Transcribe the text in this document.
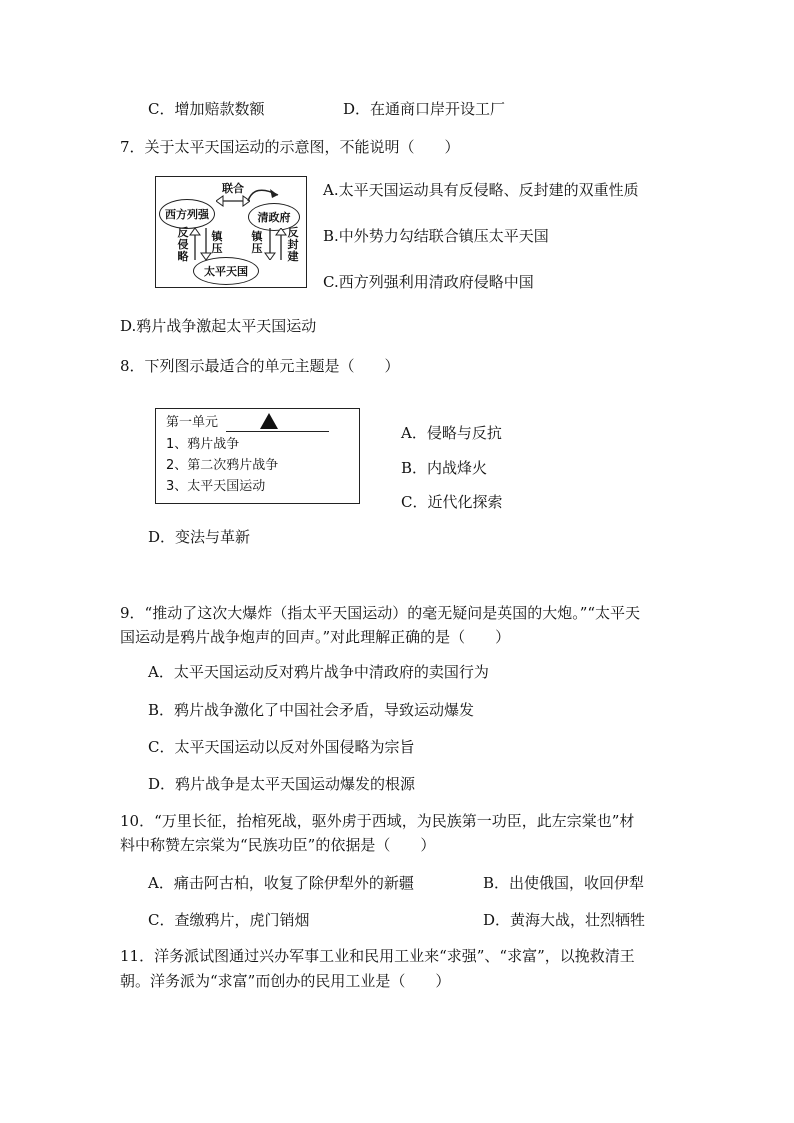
C．增加赔款数额	D．在通商口岸开设工厂
7．关于太平天国运动的示意图，不能说明（　　）
西方列强	清政府
太平天国
联合
反侵略
镇压
镇压
反封建
A.太平天国运动具有反侵略、反封建的双重性质
B.中外势力勾结联合镇压太平天国
C.西方列强利用清政府侵略中国
D.鸦片战争激起太平天国运动
8．下列图示最适合的单元主题是（　　）
第一单元
1、鸦片战争
2、第二次鸦片战争
3、太平天国运动
A．侵略与反抗
B．内战烽火
C．近代化探索
D．变法与革新
9．“推动了这次大爆炸（指太平天国运动）的毫无疑问是英国的大炮。”“太平天
国运动是鸦片战争炮声的回声。”对此理解正确的是（　　）
A．太平天国运动反对鸦片战争中清政府的卖国行为
B．鸦片战争激化了中国社会矛盾，导致运动爆发
C．太平天国运动以反对外国侵略为宗旨
D．鸦片战争是太平天国运动爆发的根源
10．“万里长征，抬棺死战，驱外虏于西域，为民族第一功臣，此左宗棠也”材
料中称赞左宗棠为“民族功臣”的依据是（　　）
A．痛击阿古柏，收复了除伊犁外的新疆	B．出使俄国，收回伊犁
C．查缴鸦片，虎门销烟	D．黄海大战，壮烈牺牲
11．洋务派试图通过兴办军事工业和民用工业来“求强”、“求富”，以挽救清王
朝。洋务派为“求富”而创办的民用工业是（　　）
